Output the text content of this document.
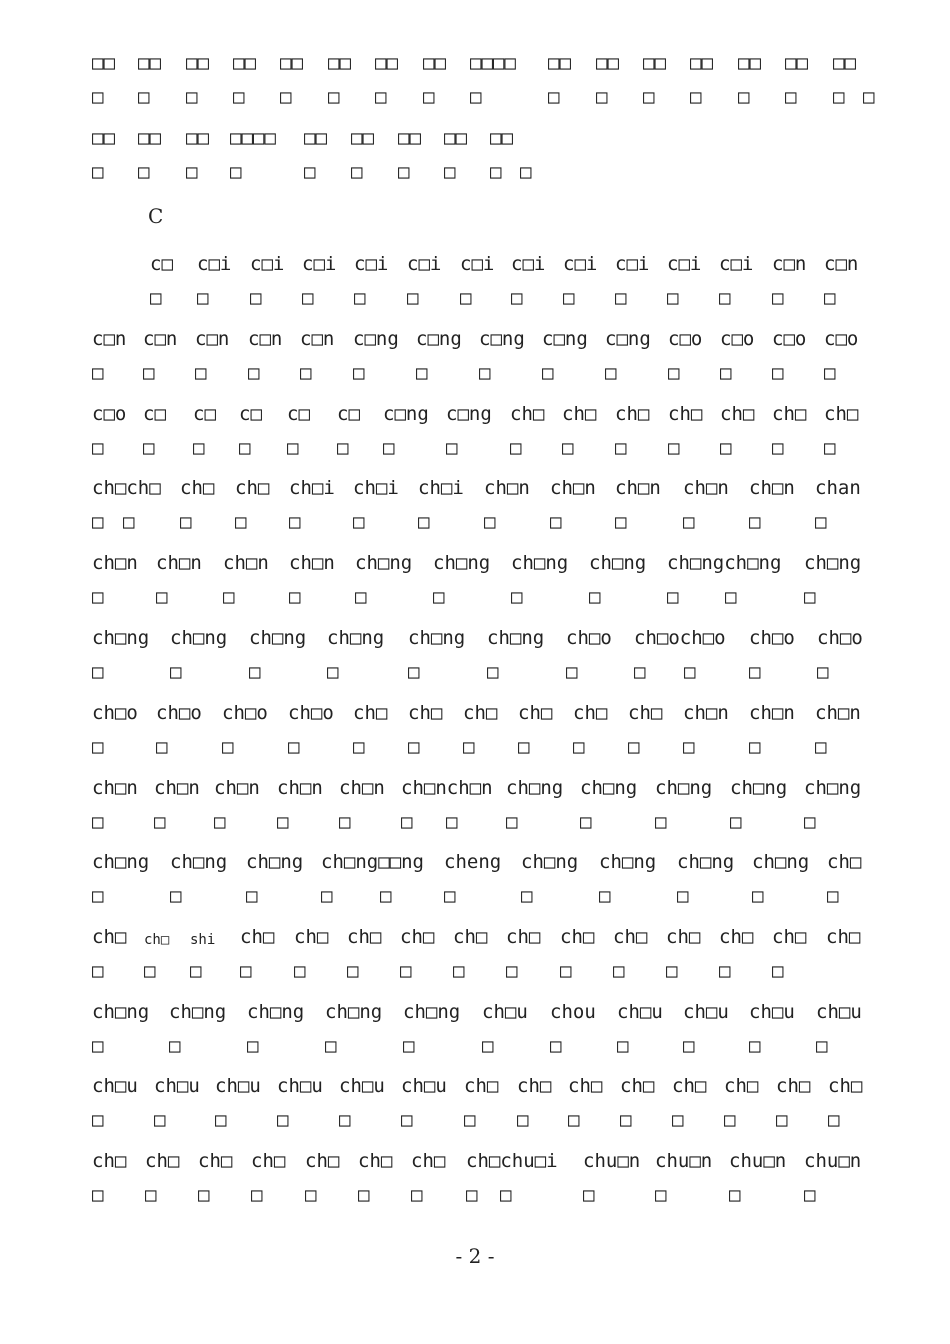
□□ □□ □□ □□ □□ □□ □□ □□ □□□□ □□ □□ □□ □□ □□ □□ □□
□ □ □ □ □ □ □ □ □	□ □ □ □ □ □ □ □
□□ □□ □□ □□□□ □□ □□ □□ □□ □□
□ □ □ □	□ □ □ □ □ □
c□ c□i c□i c□i c□i c□i c□i c□i c□i c□i c□i c□i c□n c□n
□ □ □ □ □ □ □ □ □ □ □ □ □ □
c□n c□n c□n c□n c□n c□ng c□ng c□ng c□ng c□ng c□o c□o c□o c□o
□ □ □ □ □ □	□	□	□	□	□ □ □ □
c□o c□ c□ c□ c□ c□ c□ng c□ng ch□ ch□ ch□ ch□ ch□ ch□ ch□
□ □ □ □ □ □ □	□	□ □ □ □ □ □ □
ch□ch□ ch□ ch□ ch□i ch□i ch□i ch□n ch□n ch□n ch□n ch□n chan
□ □ □ □ □	□	□	□	□	□	□	□	□
ch□n ch□n ch□n ch□n ch□ng ch□ng ch□ng ch□ng ch□ngch□ng ch□ng
□	□	□	□	□	□	□	□	□ □	□
ch□ng ch□ng ch□ng ch□ng ch□ng ch□ng ch□o ch□och□o ch□o ch□o
□	□	□	□	□	□	□	□ □	□	□
ch□o ch□o ch□o ch□o ch□ ch□ ch□ ch□ ch□ ch□ ch□n ch□n ch□n
□	□	□	□	□ □ □ □ □ □ □	□	□
ch□n ch□n ch□n ch□n ch□n ch□nch□n ch□ng ch□ng ch□ng ch□ng ch□ng
□	□	□	□	□	□ □	□	□	□	□	□
ch□ng ch□ng ch□ng ch□ng□□ng cheng ch□ng ch□ng ch□ng ch□ng ch□
□	□	□	□	□	□	□	□	□	□	□
ch□ ch□ shi ch□ ch□ ch□ ch□ ch□ ch□ ch□ ch□ ch□ ch□ ch□ ch□
□ □ □ □ □ □ □ □ □ □ □ □ □ □
ch□ng ch□ng ch□ng ch□ng ch□ng ch□u chou ch□u ch□u ch□u ch□u
□	□	□	□	□	□	□	□	□	□	□
ch□u ch□u ch□u ch□u ch□u ch□u ch□ ch□ ch□ ch□ ch□ ch□ ch□ ch□
□	□	□	□	□	□	□ □ □ □ □ □ □ □
ch□ ch□ ch□ ch□ ch□ ch□ ch□ ch□chu□i chu□n chu□n chu□n chu□n
□ □ □ □ □ □ □ □ □	□	□	□	□
C
- 2 -
